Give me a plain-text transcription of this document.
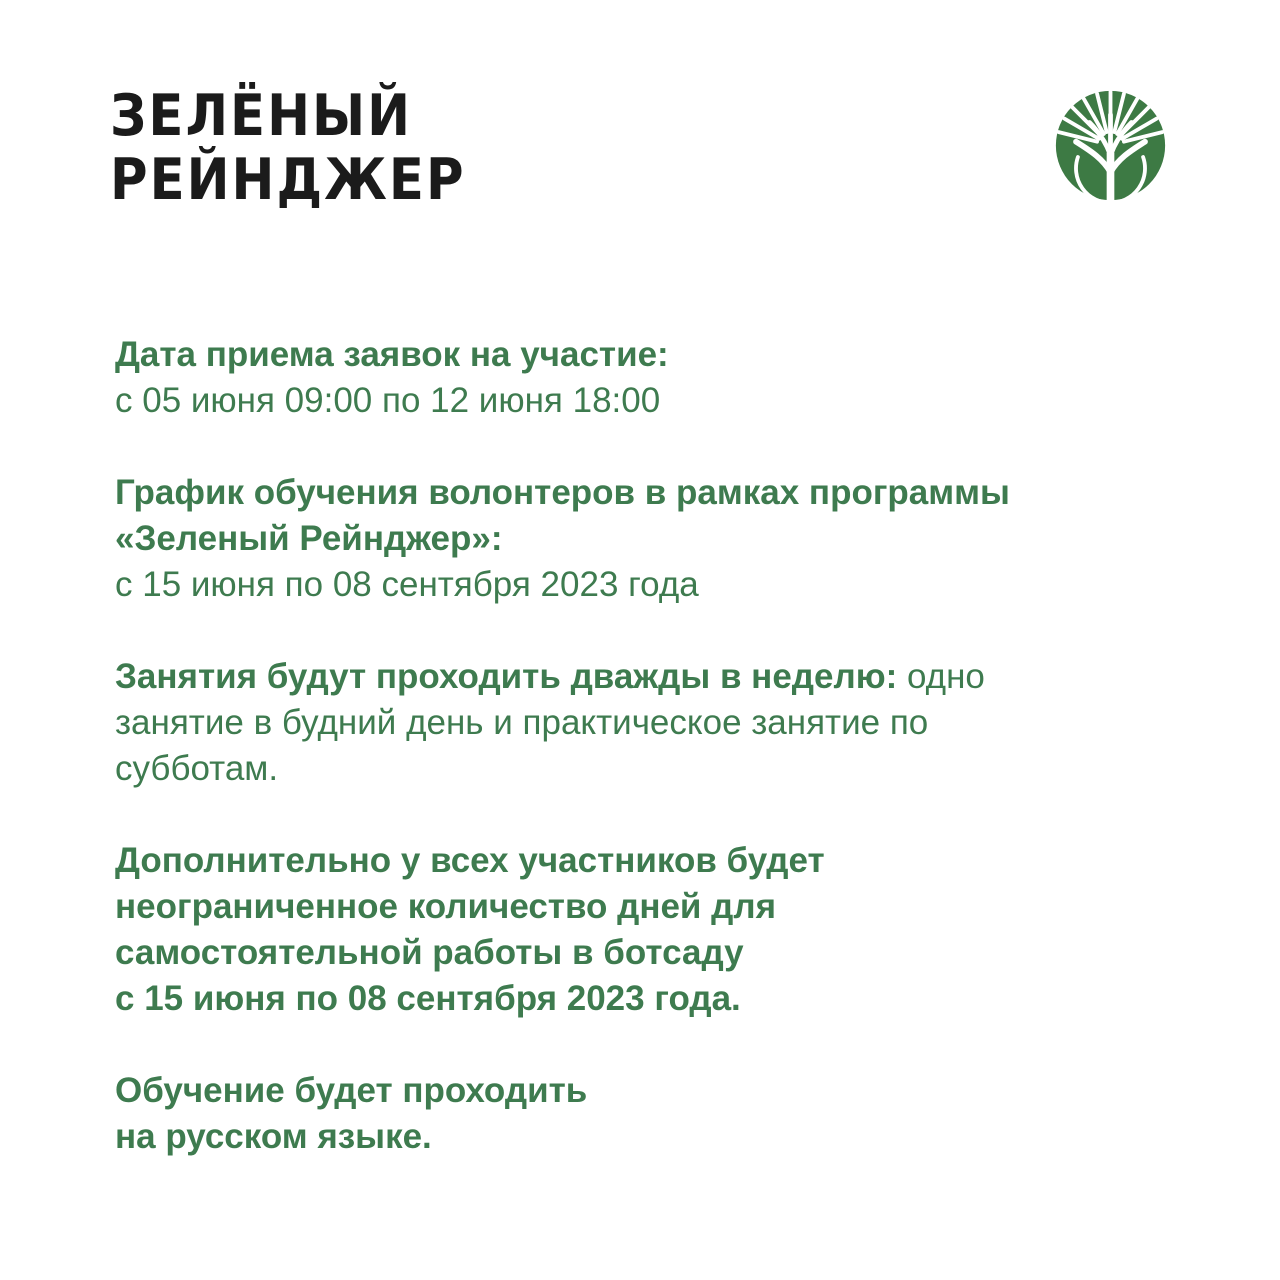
ЗЕЛЁНЫЙ
РЕЙНДЖЕР
Дата приема заявок на участие:
с 05 июня 09:00 по 12 июня 18:00
График обучения волонтеров в рамках программы
«Зеленый Рейнджер»:
с 15 июня по 08 сентября 2023 года
Занятия будут проходить дважды в неделю: одно
занятие в будний день и практическое занятие по
субботам.
Дополнительно у всех участников будет
неограниченное количество дней для
самостоятельной работы в ботсаду
с 15 июня по 08 сентября 2023 года.
Обучение будет проходить
на русском языке.
